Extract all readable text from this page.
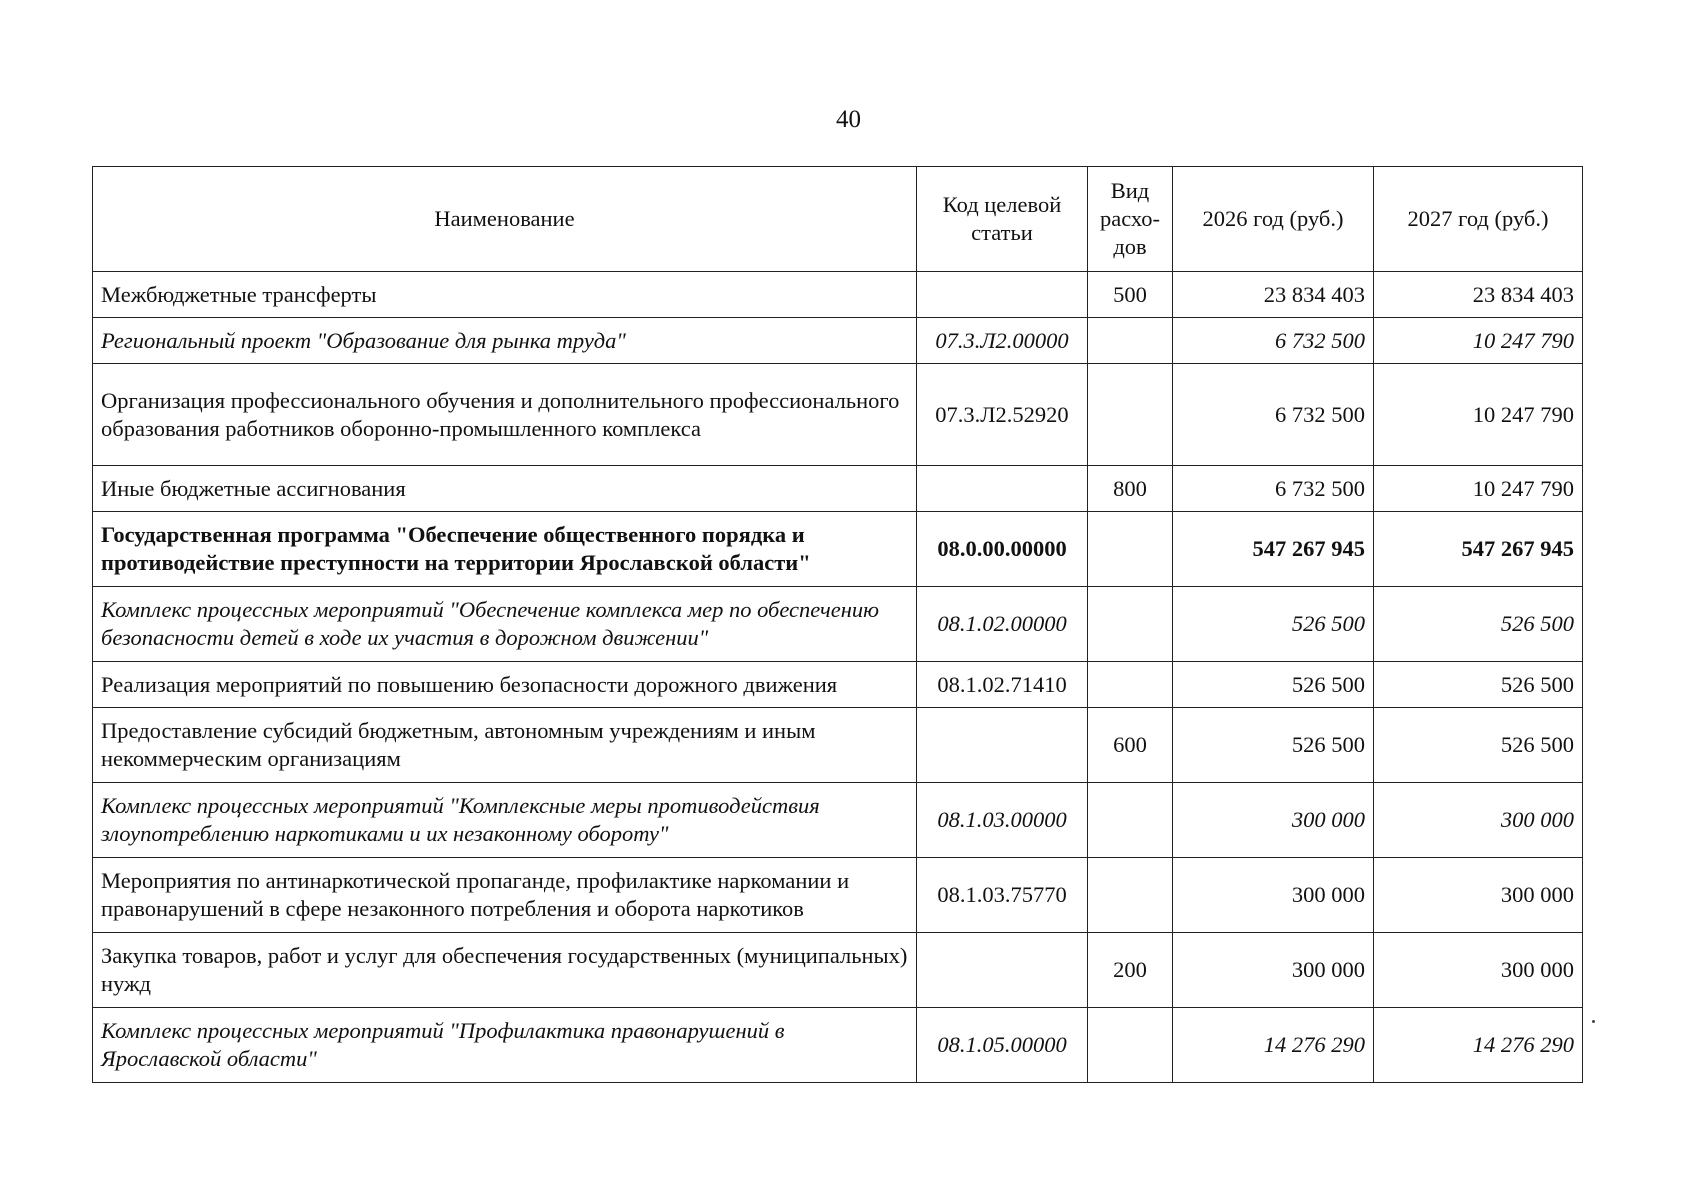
40
Наименование	Код целевой статьи	Вид расхо-дов	2026 год (руб.)	2027 год (руб.)
Межбюджетные трансферты		500	23 834 403	23 834 403
Региональный проект "Образование для рынка труда"	07.3.Л2.00000		6 732 500	10 247 790
Организация профессионального обучения и дополнительного профессионального образования работников оборонно-промышленного комплекса	07.3.Л2.52920		6 732 500	10 247 790
Иные бюджетные ассигнования		800	6 732 500	10 247 790
Государственная программа "Обеспечение общественного порядка и противодействие преступности на территории Ярославской области"	08.0.00.00000		547 267 945	547 267 945
Комплекс процессных мероприятий "Обеспечение комплекса мер по обеспечению безопасности детей в ходе их участия в дорожном движении"	08.1.02.00000		526 500	526 500
Реализация мероприятий по повышению безопасности дорожного движения	08.1.02.71410		526 500	526 500
Предоставление субсидий бюджетным, автономным учреждениям и иным некоммерческим организациям		600	526 500	526 500
Комплекс процессных мероприятий "Комплексные меры противодействия злоупотреблению наркотиками и их незаконному обороту"	08.1.03.00000		300 000	300 000
Мероприятия по антинаркотической пропаганде, профилактике наркомании и правонарушений в сфере незаконного потребления и оборота наркотиков	08.1.03.75770		300 000	300 000
Закупка товаров, работ и услуг для обеспечения государственных (муниципальных) нужд		200	300 000	300 000
Комплекс процессных мероприятий "Профилактика правонарушений в Ярославской области"	08.1.05.00000		14 276 290	14 276 290
